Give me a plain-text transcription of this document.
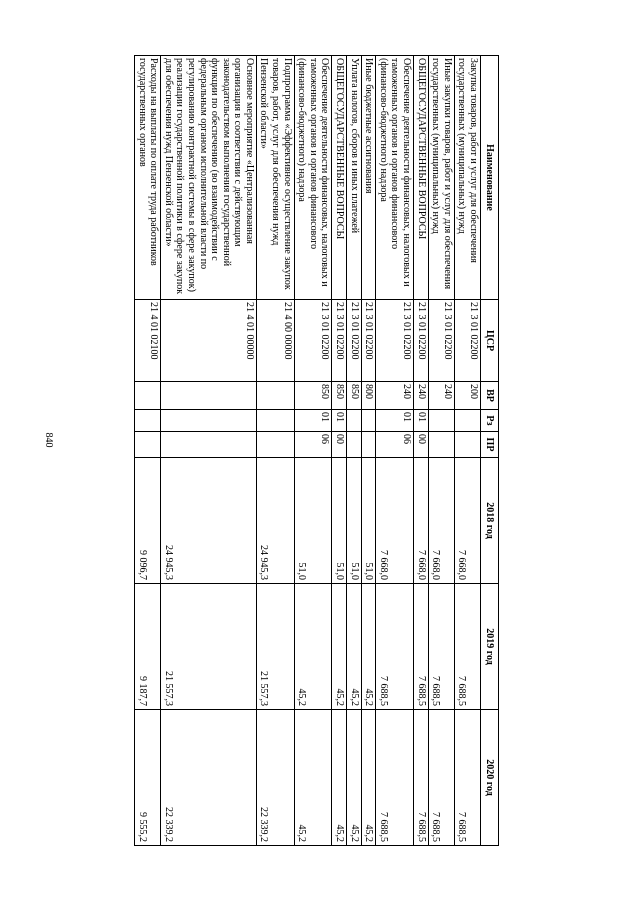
840
Наименование	ЦСР	ВР	Рз	ПР	2018 год	2019 год	2020 год
Закупка товаров, работ и услуг для обеспечения государственных (муниципальных) нужд	21 3 01 02200	200			7 668,0	7 688,5	7 688,5
Иные закупки товаров, работ и услуг для обеспечения государственных (муниципальных) нужд	21 3 01 02200	240			7 668,0	7 688,5	7 688,5
ОБЩЕГОСУДАРСТВЕННЫЕ ВОПРОСЫ	21 3 01 02200	240	01	00	7 668,0	7 688,5	7 688,5
Обеспечение деятельности финансовых, налоговых и таможенных органов и органов финансового (финансово-бюджетного) надзора	21 3 01 02200	240	01	06	7 668,0	7 688,5	7 688,5
Иные бюджетные ассигнования	21 3 01 02200	800			51,0	45,2	45,2
Уплата налогов, сборов и иных платежей	21 3 01 02200	850			51,0	45,2	45,2
ОБЩЕГОСУДАРСТВЕННЫЕ ВОПРОСЫ	21 3 01 02200	850	01	00	51,0	45,2	45,2
Обеспечение деятельности финансовых, налоговых и таможенных органов и органов финансового (финансово-бюджетного) надзора	21 3 01 02200	850	01	06	51,0	45,2	45,2
Подпрограмма «Эффективное осуществление закупок товаров, работ, услуг для обеспечения нужд Пензенской области»	21 4 00 00000				24 945,3	21 557,3	22 339,2
Основное мероприятие «Централизованная организация в соответствии с действующим законодательством выполнения государственной функции по обеспечению (во взаимодействии с федеральным органом исполнительной власти по регулированию контрактной системы в сфере закупок) реализации государственной политики в сфере закупок для обеспечения нужд Пензенской области»	21 4 01 00000				24 945,3	21 557,3	22 339,2
Расходы на выплаты по оплате труда работников государственных органов	21 4 01 02100				9 096,7	9 187,7	9 555,2
